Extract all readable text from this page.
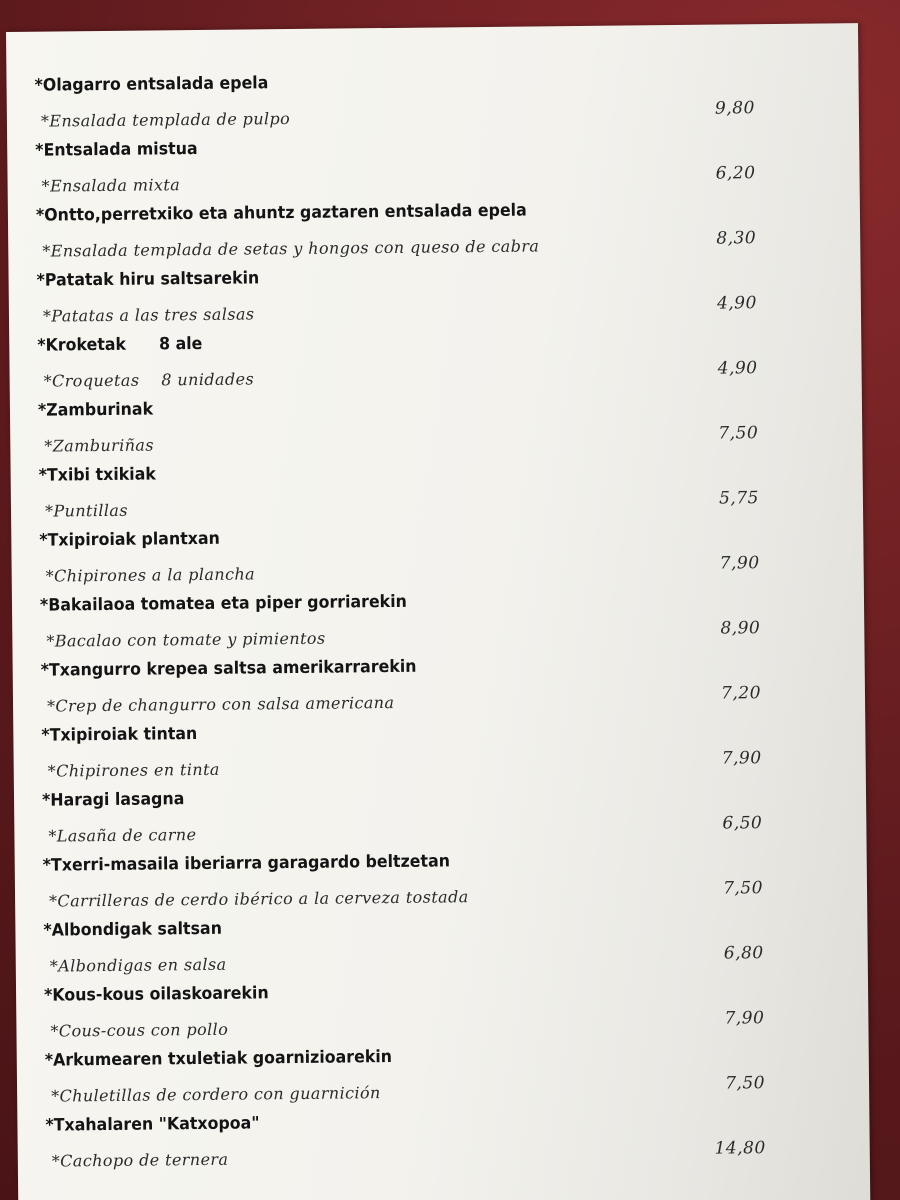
*Olagarro entsalada epela
*Ensalada templada de pulpo
9,80
*Entsalada mistua
*Ensalada mixta
6,20
*Ontto,perretxiko eta ahuntz gaztaren entsalada epela
*Ensalada templada de setas y hongos con queso de cabra	8,30
*Patatak hiru saltsarekin
*Patatas a las tres salsas
4,90
*Kroketak      8 ale
*Croquetas    8 unidades
4,90
*Zamburinak
*Zamburiñas
7,50
*Txibi txikiak
*Puntillas
5,75
*Txipiroiak plantxan
*Chipirones a la plancha
7,90
*Bakailaoa tomatea eta piper gorriarekin
*Bacalao con tomate y pimientos
8,90
*Txangurro krepea saltsa amerikarrarekin
*Crep de changurro con salsa americana	7,20
*Txipiroiak tintan
*Chipirones en tinta
7,90
*Haragi lasagna
*Lasaña de carne
6,50
*Txerri-masaila iberiarra garagardo beltzetan
*Carrilleras de cerdo ibérico a la cerveza tostada	7,50
*Albondigak saltsan
*Albondigas en salsa
6,80
*Kous-kous oilaskoarekin
*Cous-cous con pollo
7,90
*Arkumearen txuletiak goarnizioarekin
*Chuletillas de cordero con guarnición	7,50
*Txahalaren "Katxopoa"
*Cachopo de ternera
14,80
